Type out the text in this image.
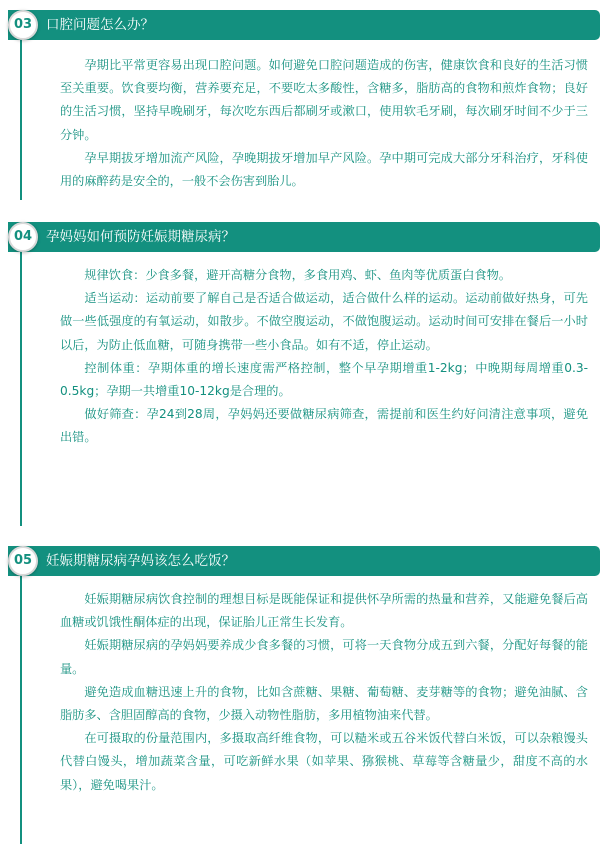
口腔问题怎么办？
03

孕期比平常更容易出现口腔问题。如何避免口腔问题造成的伤害，健康饮食和良好的生活习惯至关重要。饮食要均衡，营养要充足，不要吃太多酸性，含糖多，脂肪高的食物和煎炸食物；良好的生活习惯，坚持早晚刷牙，每次吃东西后都刷牙或漱口，使用软毛牙刷，每次刷牙时间不少于三分钟。

孕早期拔牙增加流产风险，孕晚期拔牙增加早产风险。孕中期可完成大部分牙科治疗，牙科使用的麻醉药是安全的，一般不会伤害到胎儿。

孕妈妈如何预防妊娠期糖尿病？
04

规律饮食：少食多餐，避开高糖分食物，多食用鸡、虾、鱼肉等优质蛋白食物。

适当运动：运动前要了解自己是否适合做运动，适合做什么样的运动。运动前做好热身，可先做一些低强度的有氧运动，如散步。不做空腹运动，不做饱腹运动。运动时间可安排在餐后一小时以后，为防止低血糖，可随身携带一些小食品。如有不适，停止运动。

控制体重：孕期体重的增长速度需严格控制，整个早孕期增重1-2kg；中晚期每周增重0.3-0.5kg；孕期一共增重10-12kg是合理的。

做好筛查：孕24到28周，孕妈妈还要做糖尿病筛查，需提前和医生约好问清注意事项，避免出错。

妊娠期糖尿病孕妈该怎么吃饭？
05

妊娠期糖尿病饮食控制的理想目标是既能保证和提供怀孕所需的热量和营养，又能避免餐后高血糖或饥饿性酮体症的出现，保证胎儿正常生长发育。

妊娠期糖尿病的孕妈妈要养成少食多餐的习惯，可将一天食物分成五到六餐，分配好每餐的能量。

避免造成血糖迅速上升的食物，比如含蔗糖、果糖、葡萄糖、麦芽糖等的食物；避免油腻、含脂肪多、含胆固醇高的食物，少摄入动物性脂肪，多用植物油来代替。

在可摄取的份量范围内，多摄取高纤维食物，可以糙米或五谷米饭代替白米饭，可以杂粮馒头代替白馒头，增加蔬菜含量，可吃新鲜水果（如苹果、猕猴桃、草莓等含糖量少，甜度不高的水果），避免喝果汁。
